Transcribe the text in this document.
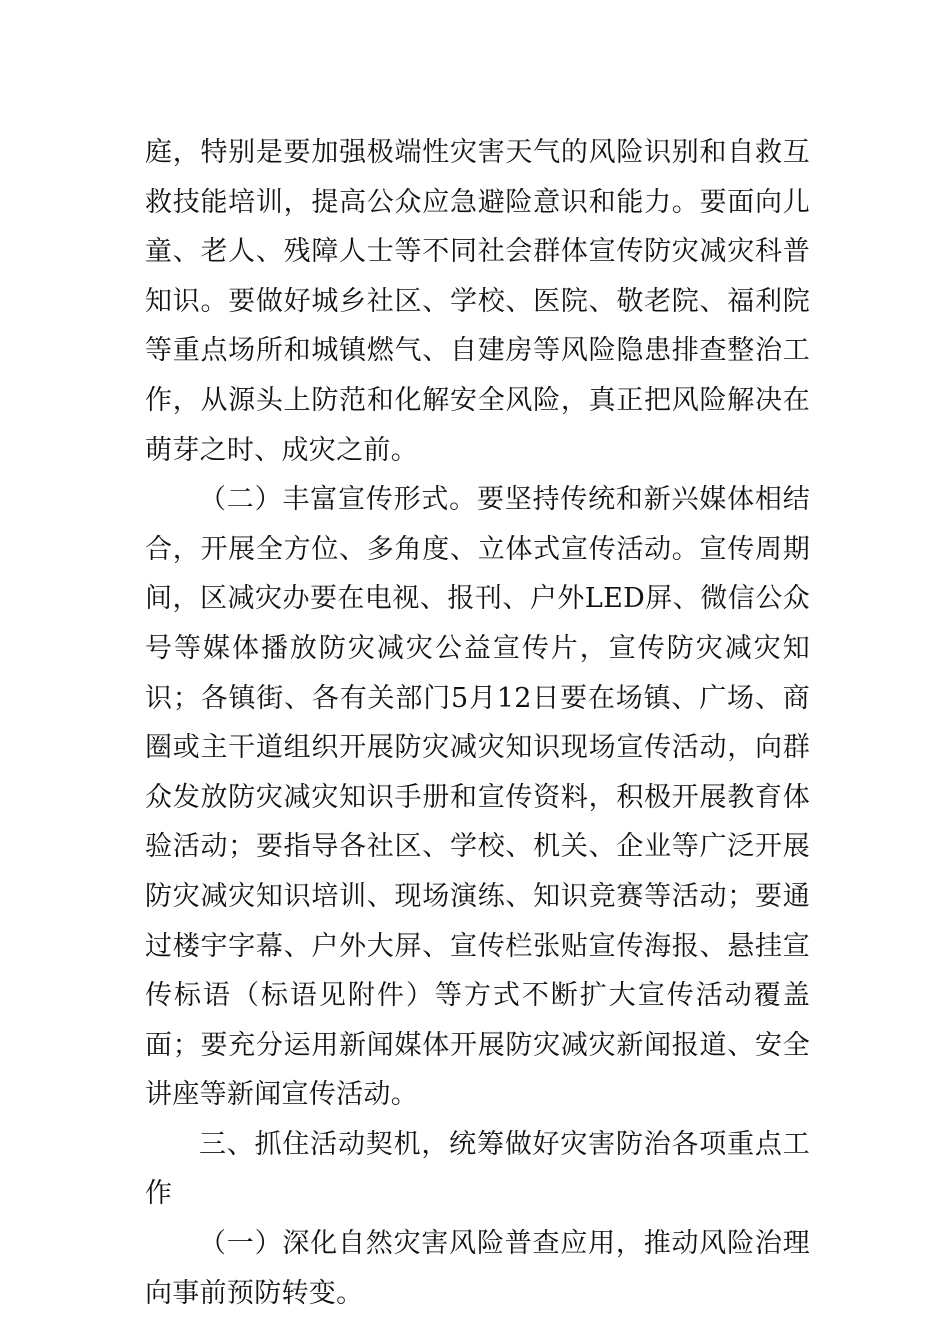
庭，特别是要加强极端性灾害天气的风险识别和自救互救技能培训，提高公众应急避险意识和能力。要面向儿童、老人、残障人士等不同社会群体宣传防灾减灾科普知识。要做好城乡社区、学校、医院、敬老院、福利院等重点场所和城镇燃气、自建房等风险隐患排查整治工作，从源头上防范和化解安全风险，真正把风险解决在萌芽之时、成灾之前。

（二）丰富宣传形式。要坚持传统和新兴媒体相结合，开展全方位、多角度、立体式宣传活动。宣传周期间，区减灾办要在电视、报刊、户外LED屏、微信公众号等媒体播放防灾减灾公益宣传片，宣传防灾减灾知识；各镇街、各有关部门5月12日要在场镇、广场、商圈或主干道组织开展防灾减灾知识现场宣传活动，向群众发放防灾减灾知识手册和宣传资料，积极开展教育体验活动；要指导各社区、学校、机关、企业等广泛开展防灾减灾知识培训、现场演练、知识竞赛等活动；要通过楼宇字幕、户外大屏、宣传栏张贴宣传海报、悬挂宣传标语（标语见附件）等方式不断扩大宣传活动覆盖面；要充分运用新闻媒体开展防灾减灾新闻报道、安全讲座等新闻宣传活动。

三、抓住活动契机，统筹做好灾害防治各项重点工作

（一）深化自然灾害风险普查应用，推动风险治理向事前预防转变。
